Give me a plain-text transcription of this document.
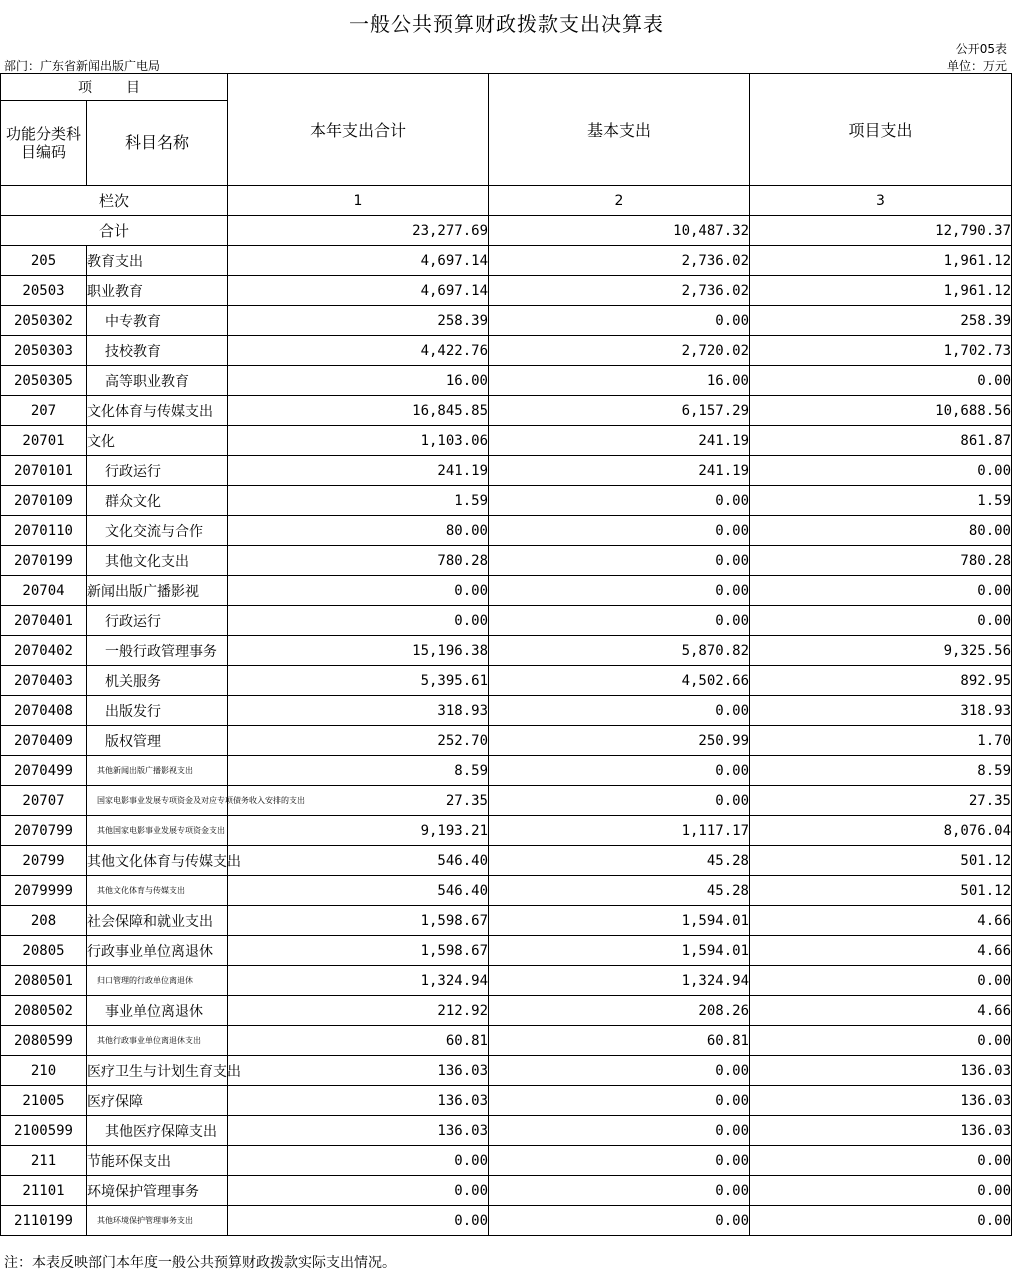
一般公共预算财政拨款支出决算表
公开05表
部门：广东省新闻出版广电局	单位：万元
项　目		本年支出合计	基本支出	项目支出
功能分类科目编码	科目名称			
栏次		1	2	3
合计		23,277.69	10,487.32	12,790.37
205	教育支出	4,697.14	2,736.02	1,961.12
20503	职业教育	4,697.14	2,736.02	1,961.12
2050302	中专教育	258.39	0.00	258.39
2050303	技校教育	4,422.76	2,720.02	1,702.73
2050305	高等职业教育	16.00	16.00	0.00
207	文化体育与传媒支出	16,845.85	6,157.29	10,688.56
20701	文化	1,103.06	241.19	861.87
2070101	行政运行	241.19	241.19	0.00
2070109	群众文化	1.59	0.00	1.59
2070110	文化交流与合作	80.00	0.00	80.00
2070199	其他文化支出	780.28	0.00	780.28
20704	新闻出版广播影视	0.00	0.00	0.00
2070401	行政运行	0.00	0.00	0.00
2070402	一般行政管理事务	15,196.38	5,870.82	9,325.56
2070403	机关服务	5,395.61	4,502.66	892.95
2070408	出版发行	318.93	0.00	318.93
2070409	版权管理	252.70	250.99	1.70
2070499	其他新闻出版广播影视支出	8.59	0.00	8.59
20707	国家电影事业发展专项资金及对应专项债务收入安排的支出	27.35	0.00	27.35
2070799	其他国家电影事业发展专项资金支出	9,193.21	1,117.17	8,076.04
20799	其他文化体育与传媒支出	546.40	45.28	501.12
2079999	其他文化体育与传媒支出	546.40	45.28	501.12
208	社会保障和就业支出	1,598.67	1,594.01	4.66
20805	行政事业单位离退休	1,598.67	1,594.01	4.66
2080501	归口管理的行政单位离退休	1,324.94	1,324.94	0.00
2080502	事业单位离退休	212.92	208.26	4.66
2080599	其他行政事业单位离退休支出	60.81	60.81	0.00
210	医疗卫生与计划生育支出	136.03	0.00	136.03
21005	医疗保障	136.03	0.00	136.03
2100599	其他医疗保障支出	136.03	0.00	136.03
211	节能环保支出	0.00	0.00	0.00
21101	环境保护管理事务	0.00	0.00	0.00
2110199	其他环境保护管理事务支出	0.00	0.00	0.00
注：本表反映部门本年度一般公共预算财政拨款实际支出情况。
